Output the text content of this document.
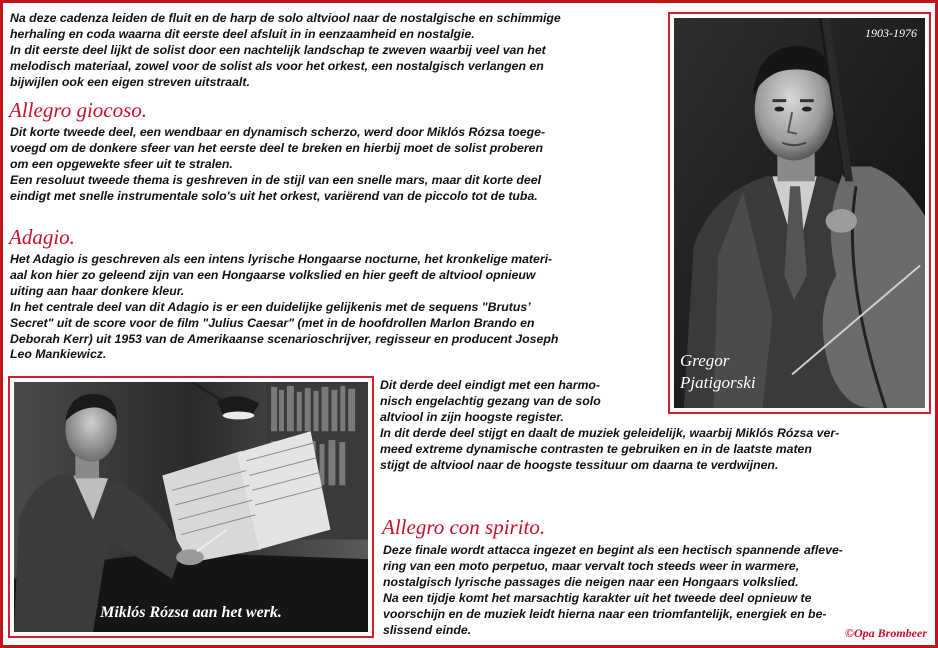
Na deze cadenza leiden de fluit en de harp de solo altviool naar de nostalgische en schimmige
herhaling en coda waarna dit eerste deel afsluit in in eenzaamheid en nostalgie.
In dit eerste deel lijkt de solist door een nachtelijk landschap te zweven waarbij veel van het
melodisch materiaal, zowel voor de solist als voor het orkest, een nostalgisch verlangen en
bijwijlen ook een eigen streven uitstraalt.
Allegro giocoso.
Dit korte tweede deel, een wendbaar en dynamisch scherzo, werd door Miklós Rózsa toege-
voegd om de donkere sfeer van het eerste deel te breken en hierbij moet de solist proberen
om een opgewekte sfeer uit te stralen.
Een resoluut tweede thema is geshreven in de stijl van een snelle mars, maar dit korte deel
eindigt met snelle instrumentale solo's uit het orkest, variërend van de piccolo tot de tuba.
Adagio.
Het Adagio is geschreven als een intens lyrische Hongaarse nocturne, het kronkelige materi-
aal kon hier zo geleend zijn van een Hongaarse volkslied en hier geeft de altviool opnieuw
uiting aan haar donkere kleur.
In het centrale deel van dit Adagio is er een duidelijke gelijkenis met de sequens "Brutus’
Secret" uit de score voor de film "Julius Caesar" (met in de hoofdrollen Marlon Brando en
Deborah Kerr) uit 1953 van de Amerikaanse scenarioschrijver, regisseur en producent Joseph
Leo Mankiewicz.
Dit derde deel eindigt met een harmo-
nisch engelachtig gezang van de solo
altviool in zijn hoogste register.
In dit derde deel stijgt en daalt de muziek geleidelijk, waarbij Miklós Rózsa ver-
meed extreme dynamische contrasten te gebruiken en in de laatste maten
stijgt de altviool naar de hoogste tessituur om daarna te verdwijnen.
Allegro con spirito.
Deze finale wordt attacca ingezet en begint als een hectisch spannende afleve-
ring van een moto perpetuo, maar vervalt toch steeds weer in warmere,
nostalgisch lyrische passages die neigen naar een Hongaars volkslied.
Na een tijdje komt het marsachtig karakter uit het tweede deel opnieuw te
voorschijn en de muziek leidt hierna naar een triomfantelijk, energiek en be-
slissend einde.
1903-1976
Gregor
Pjatigorski
Miklós Rózsa aan het werk.
©Opa Brombeer
